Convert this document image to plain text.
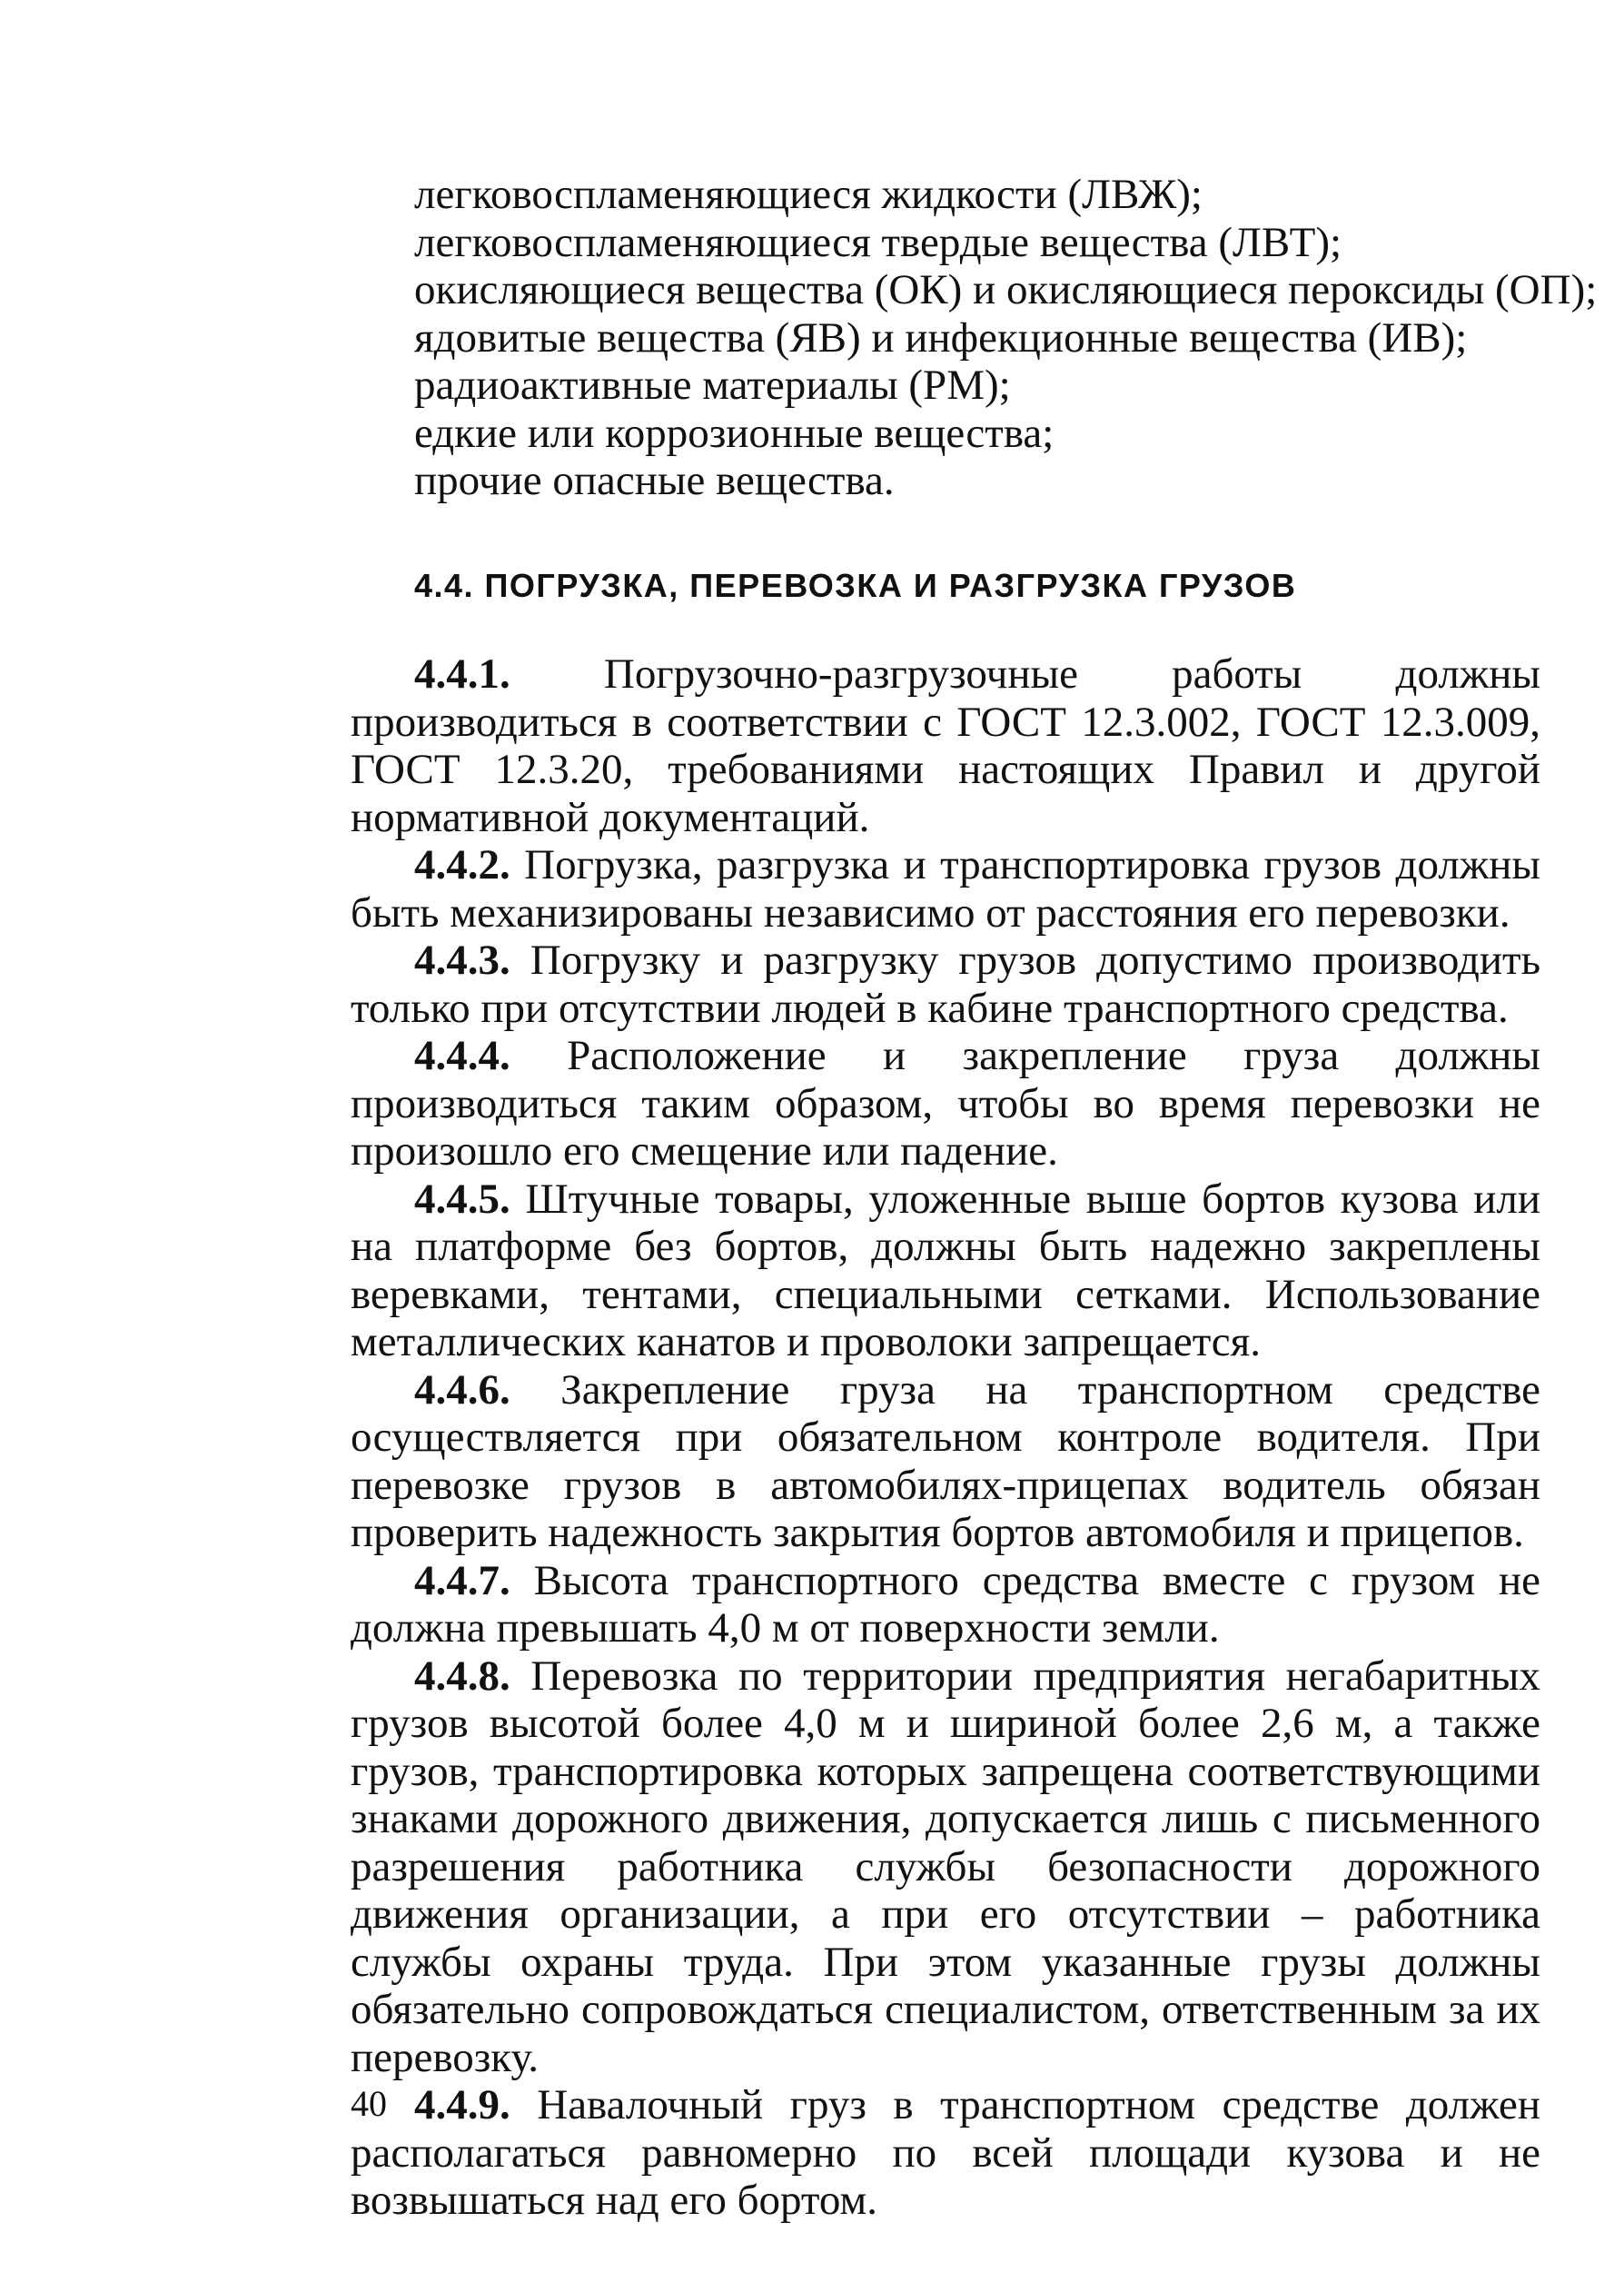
легковоспламеняющиеся жидкости (ЛВЖ);
легковоспламеняющиеся твердые вещества (ЛВТ);
окисляющиеся вещества (ОК) и окисляющиеся пероксиды (ОП);
ядовитые вещества (ЯВ) и инфекционные вещества (ИВ);
радиоактивные материалы (РМ);
едкие или коррозионные вещества;
прочие опасные вещества.
4.4. ПОГРУЗКА, ПЕРЕВОЗКА И РАЗГРУЗКА ГРУЗОВ

4.4.1. Погрузочно-разгрузочные работы должны производиться в соответствии с ГОСТ 12.3.002, ГОСТ 12.3.009, ГОСТ 12.3.20, требованиями настоящих Правил и другой нормативной документаций.

4.4.2. Погрузка, разгрузка и транспортировка грузов должны быть механизированы независимо от расстояния его перевозки.

4.4.3. Погрузку и разгрузку грузов допустимо производить только при отсутствии людей в кабине транспортного средства.

4.4.4. Расположение и закрепление груза должны производиться таким образом, чтобы во время перевозки не произошло его смещение или падение.

4.4.5. Штучные товары, уложенные выше бортов кузова или на платформе без бортов, должны быть надежно закреплены веревками, тентами, специальными сетками. Использование металлических канатов и проволоки запрещается.

4.4.6. Закрепление груза на транспортном средстве осуществляется при обязательном контроле водителя. При перевозке грузов в автомобилях-прицепах водитель обязан проверить надежность закрытия бортов автомобиля и прицепов.

4.4.7. Высота транспортного средства вместе с грузом не должна превышать 4,0 м от поверхности земли.

4.4.8. Перевозка по территории предприятия негабаритных грузов высотой более 4,0 м и шириной более 2,6 м, а также грузов, транспортировка которых запрещена соответствующими знаками дорожного движения, допускается лишь с письменного разрешения работника службы безопасности дорожного движения организации, а при его отсутствии – работника службы охраны труда. При этом указанные грузы должны обязательно сопровождаться специалистом, ответственным за их перевозку.

4.4.9. Навалочный груз в транспортном средстве должен располагаться равномерно по всей площади кузова и не возвышаться над его бортом.

40
